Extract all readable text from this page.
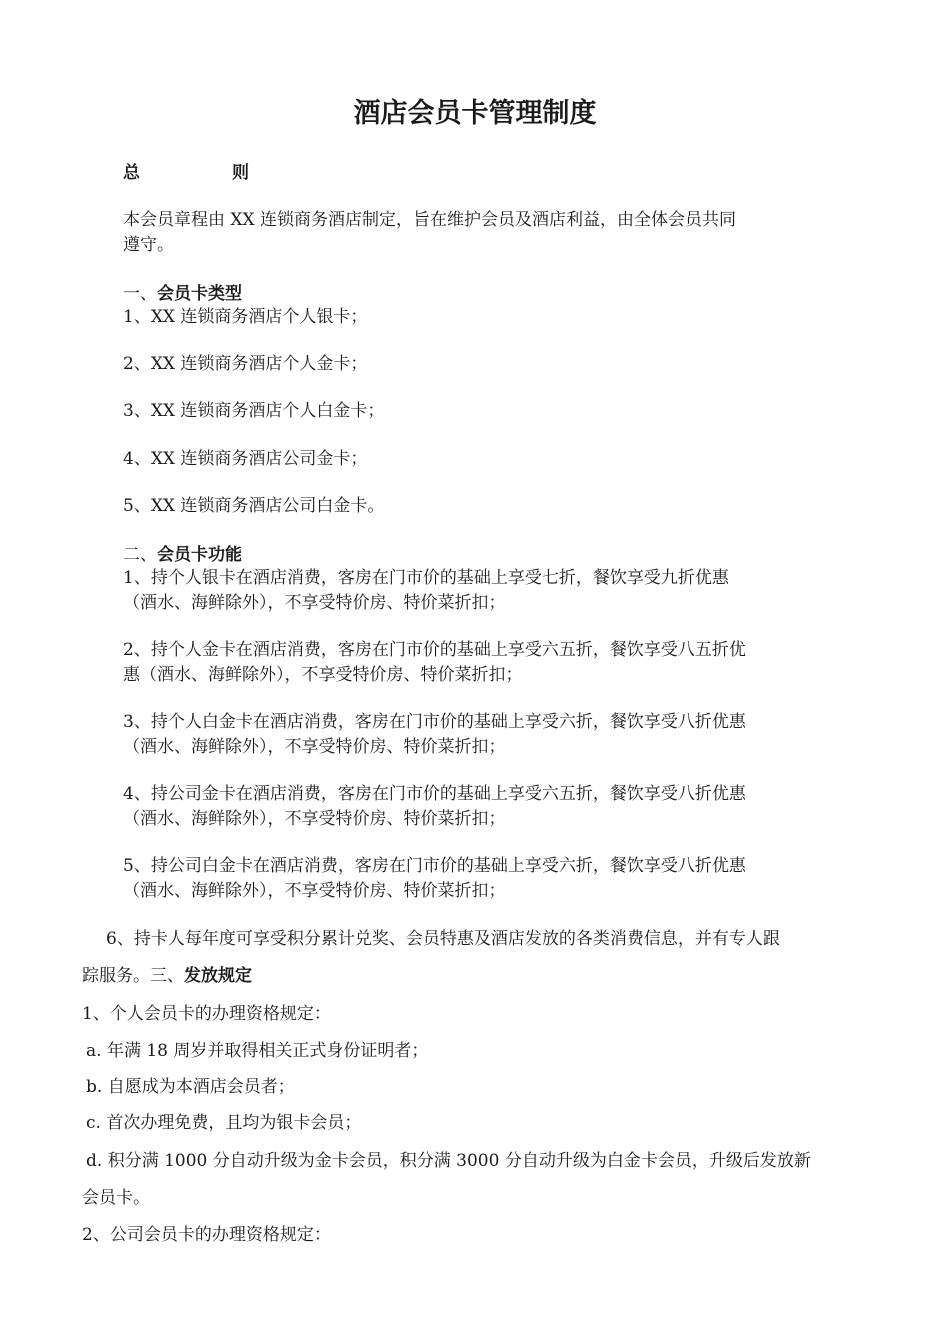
酒店会员卡管理制度

总	则

本会员章程由 XX 连锁商务酒店制定，旨在维护会员及酒店利益，由全体会员共同

遵守。

一、会员卡类型

1、XX 连锁商务酒店个人银卡；

2、XX 连锁商务酒店个人金卡；

3、XX 连锁商务酒店个人白金卡；

4、XX 连锁商务酒店公司金卡；

5、XX 连锁商务酒店公司白金卡。

二、会员卡功能

1、持个人银卡在酒店消费，客房在门市价的基础上享受七折，餐饮享受九折优惠

（酒水、海鲜除外），不享受特价房、特价菜折扣；

2、持个人金卡在酒店消费，客房在门市价的基础上享受六五折，餐饮享受八五折优

惠（酒水、海鲜除外），不享受特价房、特价菜折扣；

3、持个人白金卡在酒店消费，客房在门市价的基础上享受六折，餐饮享受八折优惠

（酒水、海鲜除外），不享受特价房、特价菜折扣；

4、持公司金卡在酒店消费，客房在门市价的基础上享受六五折，餐饮享受八折优惠

（酒水、海鲜除外），不享受特价房、特价菜折扣；

5、持公司白金卡在酒店消费，客房在门市价的基础上享受六折，餐饮享受八折优惠

（酒水、海鲜除外），不享受特价房、特价菜折扣；

6、持卡人每年度可享受积分累计兑奖、会员特惠及酒店发放的各类消费信息，并有专人跟

踪服务。三、发放规定

1、个人会员卡的办理资格规定：

a. 年满 18 周岁并取得相关正式身份证明者；

b. 自愿成为本酒店会员者；

c. 首次办理免费，且均为银卡会员；

d. 积分满 1000 分自动升级为金卡会员，积分满 3000 分自动升级为白金卡会员，升级后发放新

会员卡。

2、公司会员卡的办理资格规定：
